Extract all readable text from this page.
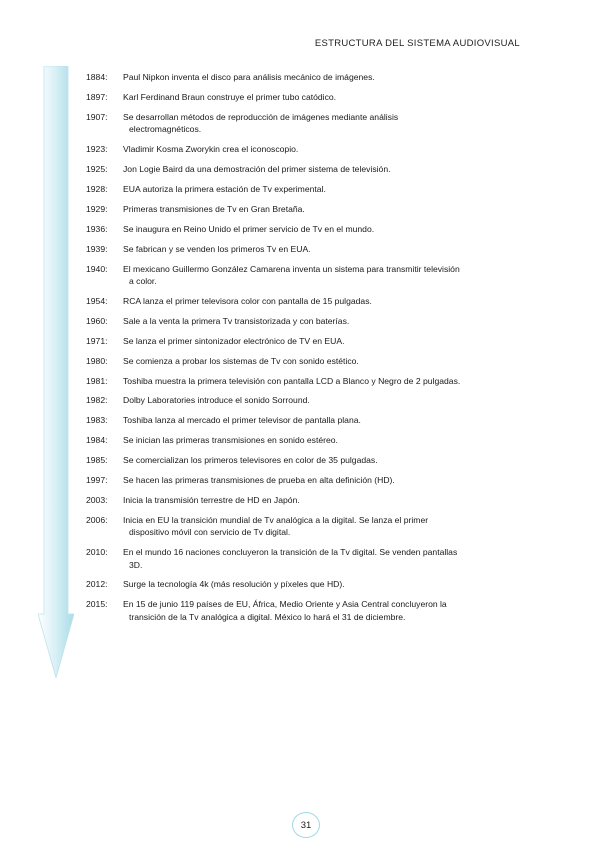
ESTRUCTURA DEL SISTEMA AUDIOVISUAL
1884:	Paul Nipkon inventa el disco para análisis mecánico de imágenes.
1897:	Karl Ferdinand Braun construye el primer tubo catódico.
1907:	Se desarrollan métodos de reproducción de imágenes mediante análisis
electromagnéticos.
1923:	Vladimir Kosma Zworykin crea el iconoscopio.
1925:	Jon Logie Baird da una demostración del primer sistema de televisión.
1928:	EUA autoriza la primera estación de Tv experimental.
1929:	Primeras transmisiones de Tv en Gran Bretaña.
1936:	Se inaugura en Reino Unido el primer servicio de Tv en el mundo.
1939:	Se fabrican y se venden los primeros Tv en EUA.
1940:	El mexicano Guillermo González Camarena inventa un sistema para transmitir televisión
a color.
1954:	RCA lanza el primer televisora color con pantalla de 15 pulgadas.
1960:	Sale a la venta la primera Tv transistorizada y con baterías.
1971:	Se lanza el primer sintonizador electrónico de TV en EUA.
1980:	Se comienza a probar los sistemas de Tv con sonido estético.
1981:	Toshiba muestra la primera televisión con pantalla LCD a Blanco y Negro de 2 pulgadas.
1982:	Dolby Laboratories introduce el sonido Sorround.
1983:	Toshiba lanza al mercado el primer televisor de pantalla plana.
1984:	Se inician las primeras transmisiones en sonido estéreo.
1985:	Se comercializan los primeros televisores en color de 35 pulgadas.
1997:	Se hacen las primeras transmisiones de prueba en alta definición (HD).
2003:	Inicia la transmisión terrestre de HD en Japón.
2006:	Inicia en EU la transición mundial de Tv analógica a la digital. Se lanza el primer
dispositivo móvil con servicio de Tv digital.
2010:	En el mundo 16 naciones concluyeron la transición de la Tv digital. Se venden pantallas
3D.
2012:	Surge la tecnología 4k (más resolución y píxeles que HD).
2015:	En 15 de junio 119 países de EU, África, Medio Oriente y Asia Central concluyeron la
transición de la Tv analógica a digital. México lo hará el 31 de diciembre.
31
